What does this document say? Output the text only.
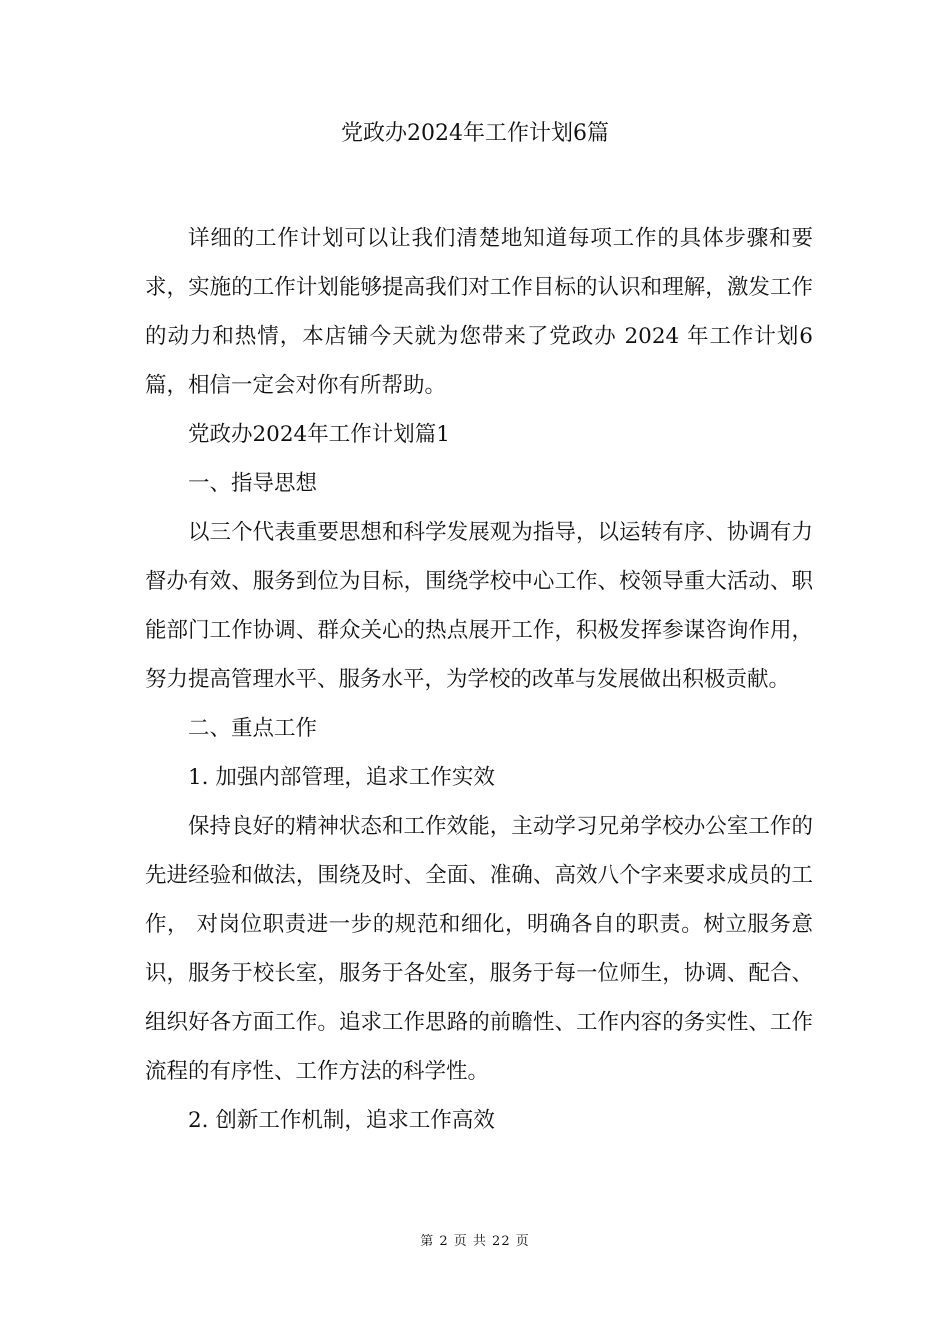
党政办2024年工作计划6篇

详细的工作计划可以让我们清楚地知道每项工作的具体步骤和要求，实施的工作计划能够提高我们对工作目标的认识和理解，激发工作的动力和热情，本店铺今天就为您带来了党政办 2024 年工作计划6篇，相信一定会对你有所帮助。

党政办2024年工作计划篇1

一、指导思想

以三个代表重要思想和科学发展观为指导，以运转有序、协调有力 督办有效、服务到位为目标，围绕学校中心工作、校领导重大活动、职能部门工作协调、群众关心的热点展开工作，积极发挥参谋咨询作用，努力提高管理水平、服务水平，为学校的改革与发展做出积极贡献。

二、重点工作

1. 加强内部管理，追求工作实效

保持良好的精神状态和工作效能，主动学习兄弟学校办公室工作的先进经验和做法，围绕及时、全面、准确、高效八个字来要求成员的工作， 对岗位职责进一步的规范和细化，明确各自的职责。树立服务意识，服务于校长室，服务于各处室，服务于每一位师生，协调、配合、组织好各方面工作。追求工作思路的前瞻性、工作内容的务实性、工作流程的有序性、工作方法的科学性。

2. 创新工作机制，追求工作高效

第 2 页 共 22 页
